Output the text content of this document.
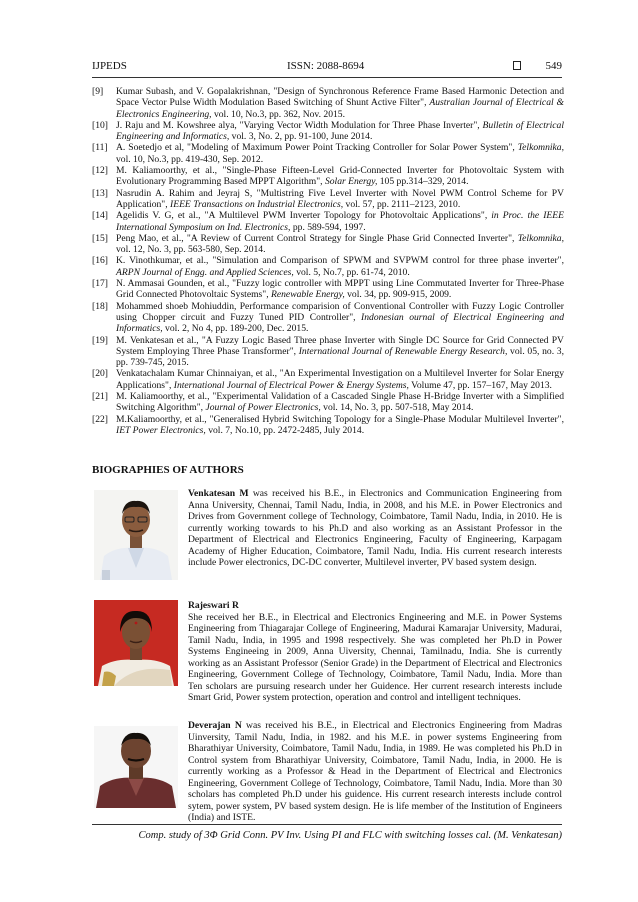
IJPEDS	ISSN: 2088-8694	549
[9] Kumar Subash, and V. Gopalakrishnan, "Design of Synchronous Reference Frame Based Harmonic Detection and Space Vector Pulse Width Modulation Based Switching of Shunt Active Filter", Australian Journal of Electrical & Electronics Engineering, vol. 10, No.3, pp. 362, Nov. 2015.
[10] J. Raju and M. Kowshree alya, "Varying Vector Width Modulation for Three Phase Inverter", Bulletin of Electrical Engineering and Informatics, vol. 3, No. 2, pp. 91-100, June 2014.
[11] A. Soetedjo et al, "Modeling of Maximum Power Point Tracking Controller for Solar Power System", Telkomnika, vol. 10, No.3, pp. 419-430, Sep. 2012.
[12] M. Kaliamoorthy, et al., "Single-Phase Fifteen-Level Grid-Connected Inverter for Photovoltaic System with Evolutionary Programming Based MPPT Algorithm", Solar Energy, 105 pp.314–329, 2014.
[13] Nasrudin A. Rahim and Jeyraj S, "Multistring Five Level Inverter with Novel PWM Control Scheme for PV Application", IEEE Transactions on Industrial Electronics, vol. 57, pp. 2111–2123, 2010.
[14] Agelidis V. G, et al., "A Multilevel PWM Inverter Topology for Photovoltaic Applications", in Proc. the IEEE International Symposium on Ind. Electronics, pp. 589-594, 1997.
[15] Peng Mao, et al., "A Review of Current Control Strategy for Single Phase Grid Connected Inverter", Telkomnika, vol. 12, No. 3, pp. 563-580, Sep. 2014.
[16] K. Vinothkumar, et al., "Simulation and Comparison of SPWM and SVPWM control for three phase inverter", ARPN Journal of Engg. and Applied Sciences, vol. 5, No.7, pp. 61-74, 2010.
[17] N. Ammasai Gounden, et al., "Fuzzy logic controller with MPPT using Line Commutated Inverter for Three-Phase Grid Connected Photovoltaic Systems", Renewable Energy, vol. 34, pp. 909-915, 2009.
[18] Mohammed shoeb Mohiuddin, Performance comparision of Conventional Controller with Fuzzy Logic Controller using Chopper circuit and Fuzzy Tuned PID Controller", Indonesian ournal of Electrical Engineering and Informatics, vol. 2, No 4, pp. 189-200, Dec. 2015.
[19] M. Venkatesan et al., "A Fuzzy Logic Based Three phase Inverter with Single DC Source for Grid Connected PV System Employing Three Phase Transformer", International Journal of Renewable Energy Research, vol. 05, no. 3, pp. 739-745, 2015.
[20] Venkatachalam Kumar Chinnaiyan, et al., "An Experimental Investigation on a Multilevel Inverter for Solar Energy Applications", International Journal of Electrical Power & Energy Systems, Volume 47, pp. 157–167, May 2013.
[21] M. Kaliamoorthy, et al., "Experimental Validation of a Cascaded Single Phase H-Bridge Inverter with a Simplified Switching Algorithm", Journal of Power Electronics, vol. 14, No. 3, pp. 507-518, May 2014.
[22] M.Kaliamoorthy, et al., "Generalised Hybrid Switching Topology for a Single-Phase Modular Multilevel Inverter", IET Power Electronics, vol. 7, No.10, pp. 2472-2485, July 2014.
BIOGRAPHIES OF AUTHORS
Venkatesan M was received his B.E., in Electronics and Communication Engineering from Anna University, Chennai, Tamil Nadu, India, in 2008, and his M.E. in Power Electronics and Drives from Government college of Technology, Coimbatore, Tamil Nadu, India, in 2010. He is currently working towards to his Ph.D and also working as an Assistant Professor in the Department of Electrical and Electronics Engineering, Faculty of Engineering, Karpagam Academy of Higher Education, Coimbatore, Tamil Nadu, India. His current research interests include Power electronics, DC-DC converter, Multilevel inverter, PV based system design.
Rajeswari R
She received her B.E., in Electrical and Electronics Engineering and M.E. in Power Systems Engineering from Thiagarajar College of Engineering, Madurai Kamarajar University, Madurai, Tamil Nadu, India, in 1995 and 1998 respectively. She was completed her Ph.D in Power Systems Engineeing in 2009, Anna Uiversity, Chennai, Tamilnadu, India. She is currently working as an Assistant Professor (Senior Grade) in the Department of Electrical and Electronics Engineering, Government College of Technology, Coimbatore, Tamil Nadu, India. More than Ten scholars are pursuing research under her Guidence. Her current research interests include Smart Grid, Power system protection, operation and control and intelligent techniques.
Deverajan N was received his B.E., in Electrical and Electronics Engineering from Madras Uinversity, Tamil Nadu, India, in 1982. and his M.E. in power systems Engineering from Bharathiyar University, Coimbatore, Tamil Nadu, India, in 1989. He was completed his Ph.D in Control system from Bharathiyar University, Coimbatore, Tamil Nadu, India, in 2000. He is currently working as a Professor & Head in the Department of Electrical and Electronics Engineering, Government College of Technology, Coimbatore, Tamil Nadu, India. More than 30 scholars has completed Ph.D under his guidence. His current research interests include control sytem, power system, PV based system design. He is life member of the Institution of Engineers (India) and ISTE.
Comp. study of 3Φ Grid Conn. PV Inv. Using PI and FLC with switching losses cal. (M. Venkatesan)
